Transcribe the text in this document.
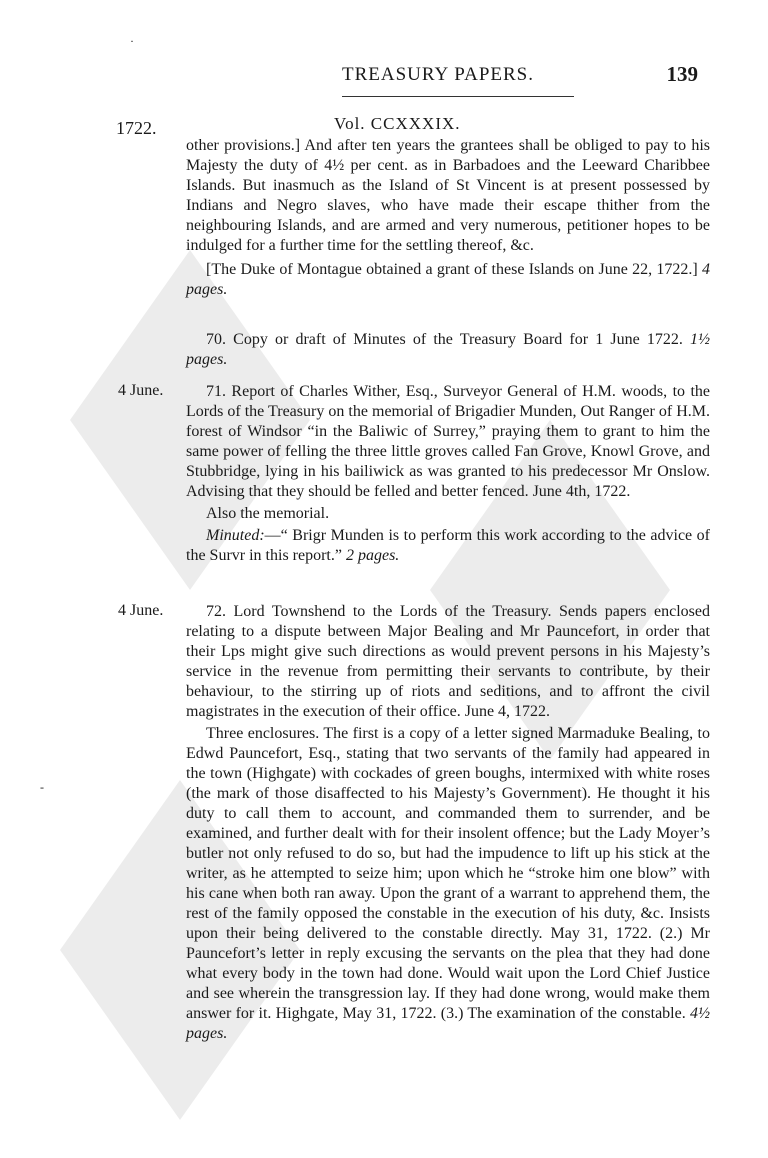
·
-
TREASURY PAPERS.	139
1722.	Vol. CCXXXIX.

other provisions.] And after ten years the grantees shall be obliged to pay to his Majesty the duty of 4½ per cent. as in Barbadoes and the Leeward Charibbee Islands. But inasmuch as the Island of St Vincent is at present possessed by Indians and Negro slaves, who have made their escape thither from the neighbouring Islands, and are armed and very numerous, petitioner hopes to be indulged for a further time for the settling thereof, &c.

[The Duke of Montague obtained a grant of these Islands on June 22, 1722.] 4 pages.

70. Copy or draft of Minutes of the Treasury Board for 1 June 1722. 1½ pages.

4 June.	71. Report of Charles Wither, Esq., Surveyor General of H.M. woods, to the Lords of the Treasury on the memorial of Brigadier Munden, Out Ranger of H.M. forest of Windsor “in the Baliwic of Surrey,” praying them to grant to him the same power of felling the three little groves called Fan Grove, Knowl Grove, and Stubbridge, lying in his bailiwick as was granted to his predecessor Mr Onslow. Advising that they should be felled and better fenced. June 4th, 1722.

Also the memorial.

Minuted:—“ Brigr Munden is to perform this work according to the advice of the Survr in this report.” 2 pages.

4 June.	72. Lord Townshend to the Lords of the Treasury. Sends papers enclosed relating to a dispute between Major Bealing and Mr Pauncefort, in order that their Lps might give such directions as would prevent persons in his Majesty’s service in the revenue from permitting their servants to contribute, by their behaviour, to the stirring up of riots and seditions, and to affront the civil magistrates in the execution of their office. June 4, 1722.

Three enclosures. The first is a copy of a letter signed Marmaduke Bealing, to Edwd Pauncefort, Esq., stating that two servants of the family had appeared in the town (Highgate) with cockades of green boughs, intermixed with white roses (the mark of those disaffected to his Majesty’s Government). He thought it his duty to call them to account, and commanded them to surrender, and be examined, and further dealt with for their insolent offence; but the Lady Moyer’s butler not only refused to do so, but had the impudence to lift up his stick at the writer, as he attempted to seize him; upon which he “stroke him one blow” with his cane when both ran away. Upon the grant of a warrant to apprehend them, the rest of the family opposed the constable in the execution of his duty, &c. Insists upon their being delivered to the constable directly. May 31, 1722. (2.) Mr Pauncefort’s letter in reply excusing the servants on the plea that they had done what every body in the town had done. Would wait upon the Lord Chief Justice and see wherein the transgression lay. If they had done wrong, would make them answer for it. Highgate, May 31, 1722. (3.) The examination of the constable. 4½ pages.
